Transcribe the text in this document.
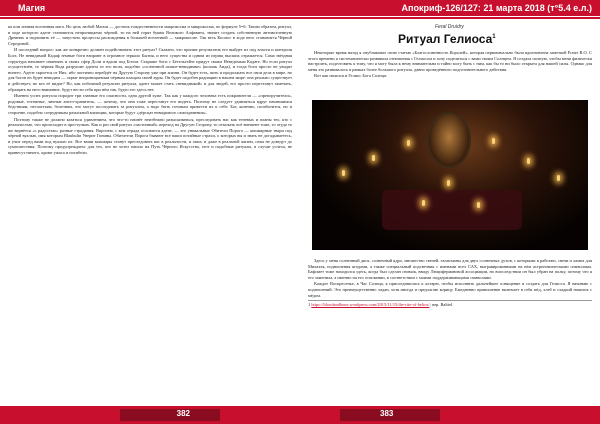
Магия

ка или личная вселенная мага. Но цель любой Магии — достичь тождественности макрокосма и микрокосма, по формуле 5=6. Таким образом, ритуал, в ходе которого адепт становится непроницаемо чёрной, то на ней горят буквы Великого Алфавита, значит создать собственную антивселенную Древних и подчинить её — запустить процессы расхождения в большей вселенной — макрокосме. Так весь Космос в ходе него становится Чёрной Серединой.

И последний вопрос: как же конкретно должен подействовать этот ритуал? Сказано, что прилив результатов его выйдет из под власти и контроля Бога. Не невидимой Кадаф земные боги взирают в огромное зеркало Бытия, и него существа и одним из игрищ высших отражается. Сама звёздная структура начинает изменять и своих сфер Доли и вдали под Богом. Старшие боги с Бетельгейзе придут своим Неведомым Кадате. Но если ритуал осуществлён, то чёрная Вода разрушит адепта от его воли, подобно «солнечной шляпе-невидимке» (колпак Аида), и тогда боги просто не увидят ничего. Адепт скроется от Них, ибо частично перейдёт на Другую Сторону уже при жизни. Он будет есть, пить и продолжать все свои дела в мире, но для богов он будет невидим — скрыт непроницаемым чёрным плащом своей ауры. Он будет подобен радиацию в нашем мире: она реально существует и действует, но кто её видит? Но, как побочный результат ритуала, адепт может стать «невидимкой» и для людей, его просто перестанут замечать, обращать на него внимание, будут вести себя при нём так, будто его здесь нет.

Именно успех ритуала породит три главные его опасности, одна другой хуже. Так как у каждого человека есть покровители — «препоручители», родовые, тотемные, личные ангел-хранитель, — почему, что они тоже перестанут его видеть. Поэтому не следует удивляться вдруг начавшимся бедствиям, несчастьям, болезням, что могут последовать за ритуалом, а надо быть готовым привести их к себе. Бог, конечно, позаботится, но и сторонне, подобно сотрудникам разыскной милиции, которые будут «дёрсцат невидимого самохранения».

Поэтому также не должно казаться удивлением, что что-то начнёт неизбежно разыскиваться, преследовать нас как теневых и планы тех, кто с реальностью, что происходит в проступках. Как и раз свой ритуал «частичный» переход на Другую Сторону, то отыскать всё внешнее тоже, то отуда то же вернётся «с радостью» разные страдания. Впрочем, с кем отрада ословится адепт, — это уникальные Обители Порога — кошмарные твари под чёрной вуалью, имя которым Blaubulin Уверит Гинаны. Обитатели Порога бывают все ваши потайные страхи, о которых вы и знать не догадываетесь, и учит перед вами под вуалью их. Все ваши кошмары станут преследовать вас в реальности, и окна, и даже в реальной жизни, пока не доведут до сумасшествия. Поэтому предупреждаем: для тех, кто не хотел нашло на Путь Чёрного Искусства, этот и подобные ритуалы, в случае успеха, не принесут ничего, кроме ужаса и погибели.

382
Апокриф-126/127: 21 марта 2018 (т°5.4 е.л.)
Feral Druidry
Ритуал Гелиоса$^1$

Некоторые время назад я опубликовал свою статью «Благословенность Королей», которая первоначально была вдохновлена заметкой Frater R.O. С этого времени я систематически развивала отношения с Гелиосом и хочу поделиться с вами своим Солнцем. Я создала полную, чтобы меня физически настроить, подготовить к тому, что я могу была к нему внимательна и тайно могу быть с ним, как бы то ни было открыта для нашей силы. Однако для меня это развивалось в рамках более большого ритуала, давно проведённого подготовительного действия.

Вот как начался и Гелиос Бога Солнца:

Здесь у меня солнечный диск, солнечный ядро, множество свечей, талисманы для двух солнечных духов, с которыми я работаю, свечи и лампа для Михаэля, подношения ягодами, а также специальный подсвечник с именами всех САХ, выгравированными на нём астрономическими символами. Бафомет тоже находился здесь, когда был сделан снимок, ввиду Люцифериановой ассоциации, но впоследствии он был убран на полку, потому что я его заменила, а именно на его основании, в соответствии с моими поддерживающими символами.

Каждое Воскресенье, в Час Солнца, я присоединилась к алтарю, чтобы исполнить дальнейшее освящение и создать для Гелиоса. Я начинаю с подношений. Это преимущественно ладан, хотя иногда и предлагаю корицу. Ежедневно приношение включает в себя мёд, хлеб и сладкий напиток с мёдом.

1 https://bloodandbone.wordpress.com/2015/11/15/the-rite-of-helios/; пер. Baltiel.

383
